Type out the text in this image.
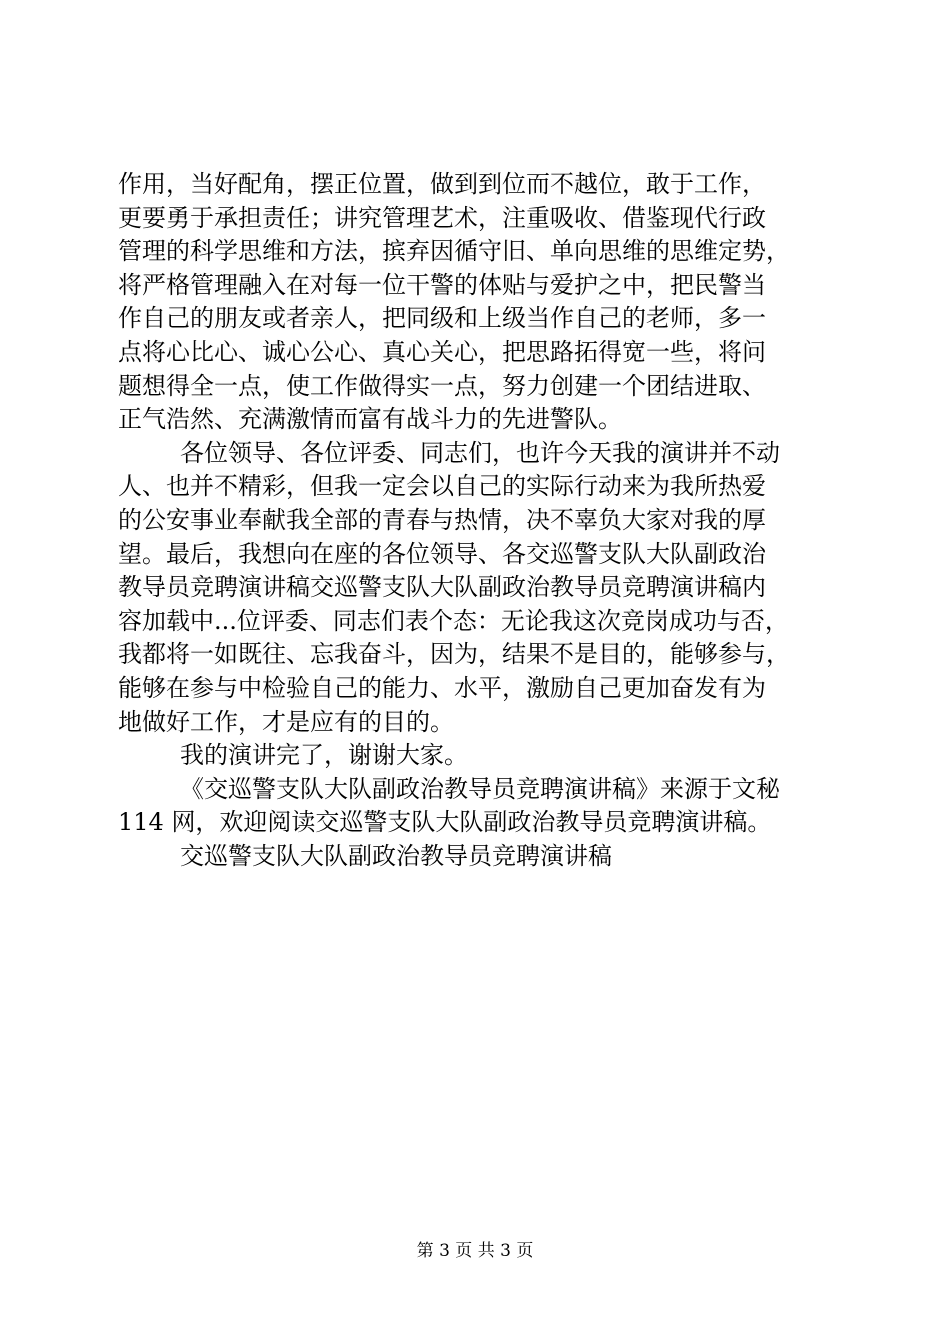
作用，当好配角，摆正位置，做到到位而不越位，敢于工作，
更要勇于承担责任；讲究管理艺术，注重吸收、借鉴现代行政
管理的科学思维和方法，摈弃因循守旧、单向思维的思维定势，
将严格管理融入在对每一位干警的体贴与爱护之中，把民警当
作自己的朋友或者亲人，把同级和上级当作自己的老师，多一
点将心比心、诚心公心、真心关心，把思路拓得宽一些，将问
题想得全一点，使工作做得实一点，努力创建一个团结进取、
正气浩然、充满激情而富有战斗力的先进警队。
各位领导、各位评委、同志们，也许今天我的演讲并不动
人、也并不精彩，但我一定会以自己的实际行动来为我所热爱
的公安事业奉献我全部的青春与热情，决不辜负大家对我的厚
望。最后，我想向在座的各位领导、各交巡警支队大队副政治
教导员竞聘演讲稿交巡警支队大队副政治教导员竞聘演讲稿内
容加载中...位评委、同志们表个态：无论我这次竞岗成功与否，
我都将一如既往、忘我奋斗，因为，结果不是目的，能够参与，
能够在参与中检验自己的能力、水平，激励自己更加奋发有为
地做好工作，才是应有的目的。
我的演讲完了，谢谢大家。
《交巡警支队大队副政治教导员竞聘演讲稿》来源于文秘
114 网，欢迎阅读交巡警支队大队副政治教导员竞聘演讲稿。
交巡警支队大队副政治教导员竞聘演讲稿
第 3 页 共 3 页
